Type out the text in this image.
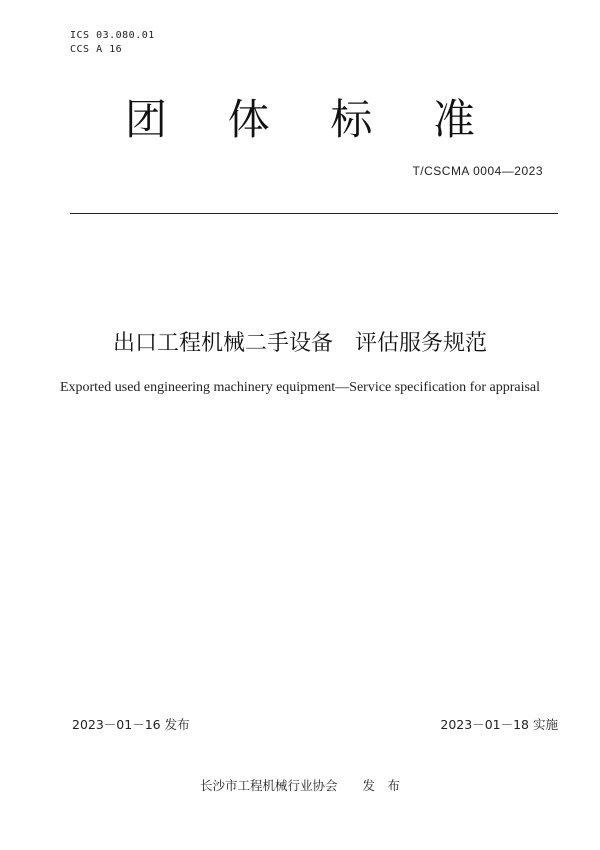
ICS 03.080.01
CCS A 16
团 体 标 准
T/CSCMA 0004—2023
出口工程机械二手设备　评估服务规范
Exported used engineering machinery equipment—Service specification for appraisal
2023－01－16 发布	2023－01－18 实施
长沙市工程机械行业协会　　发　布
